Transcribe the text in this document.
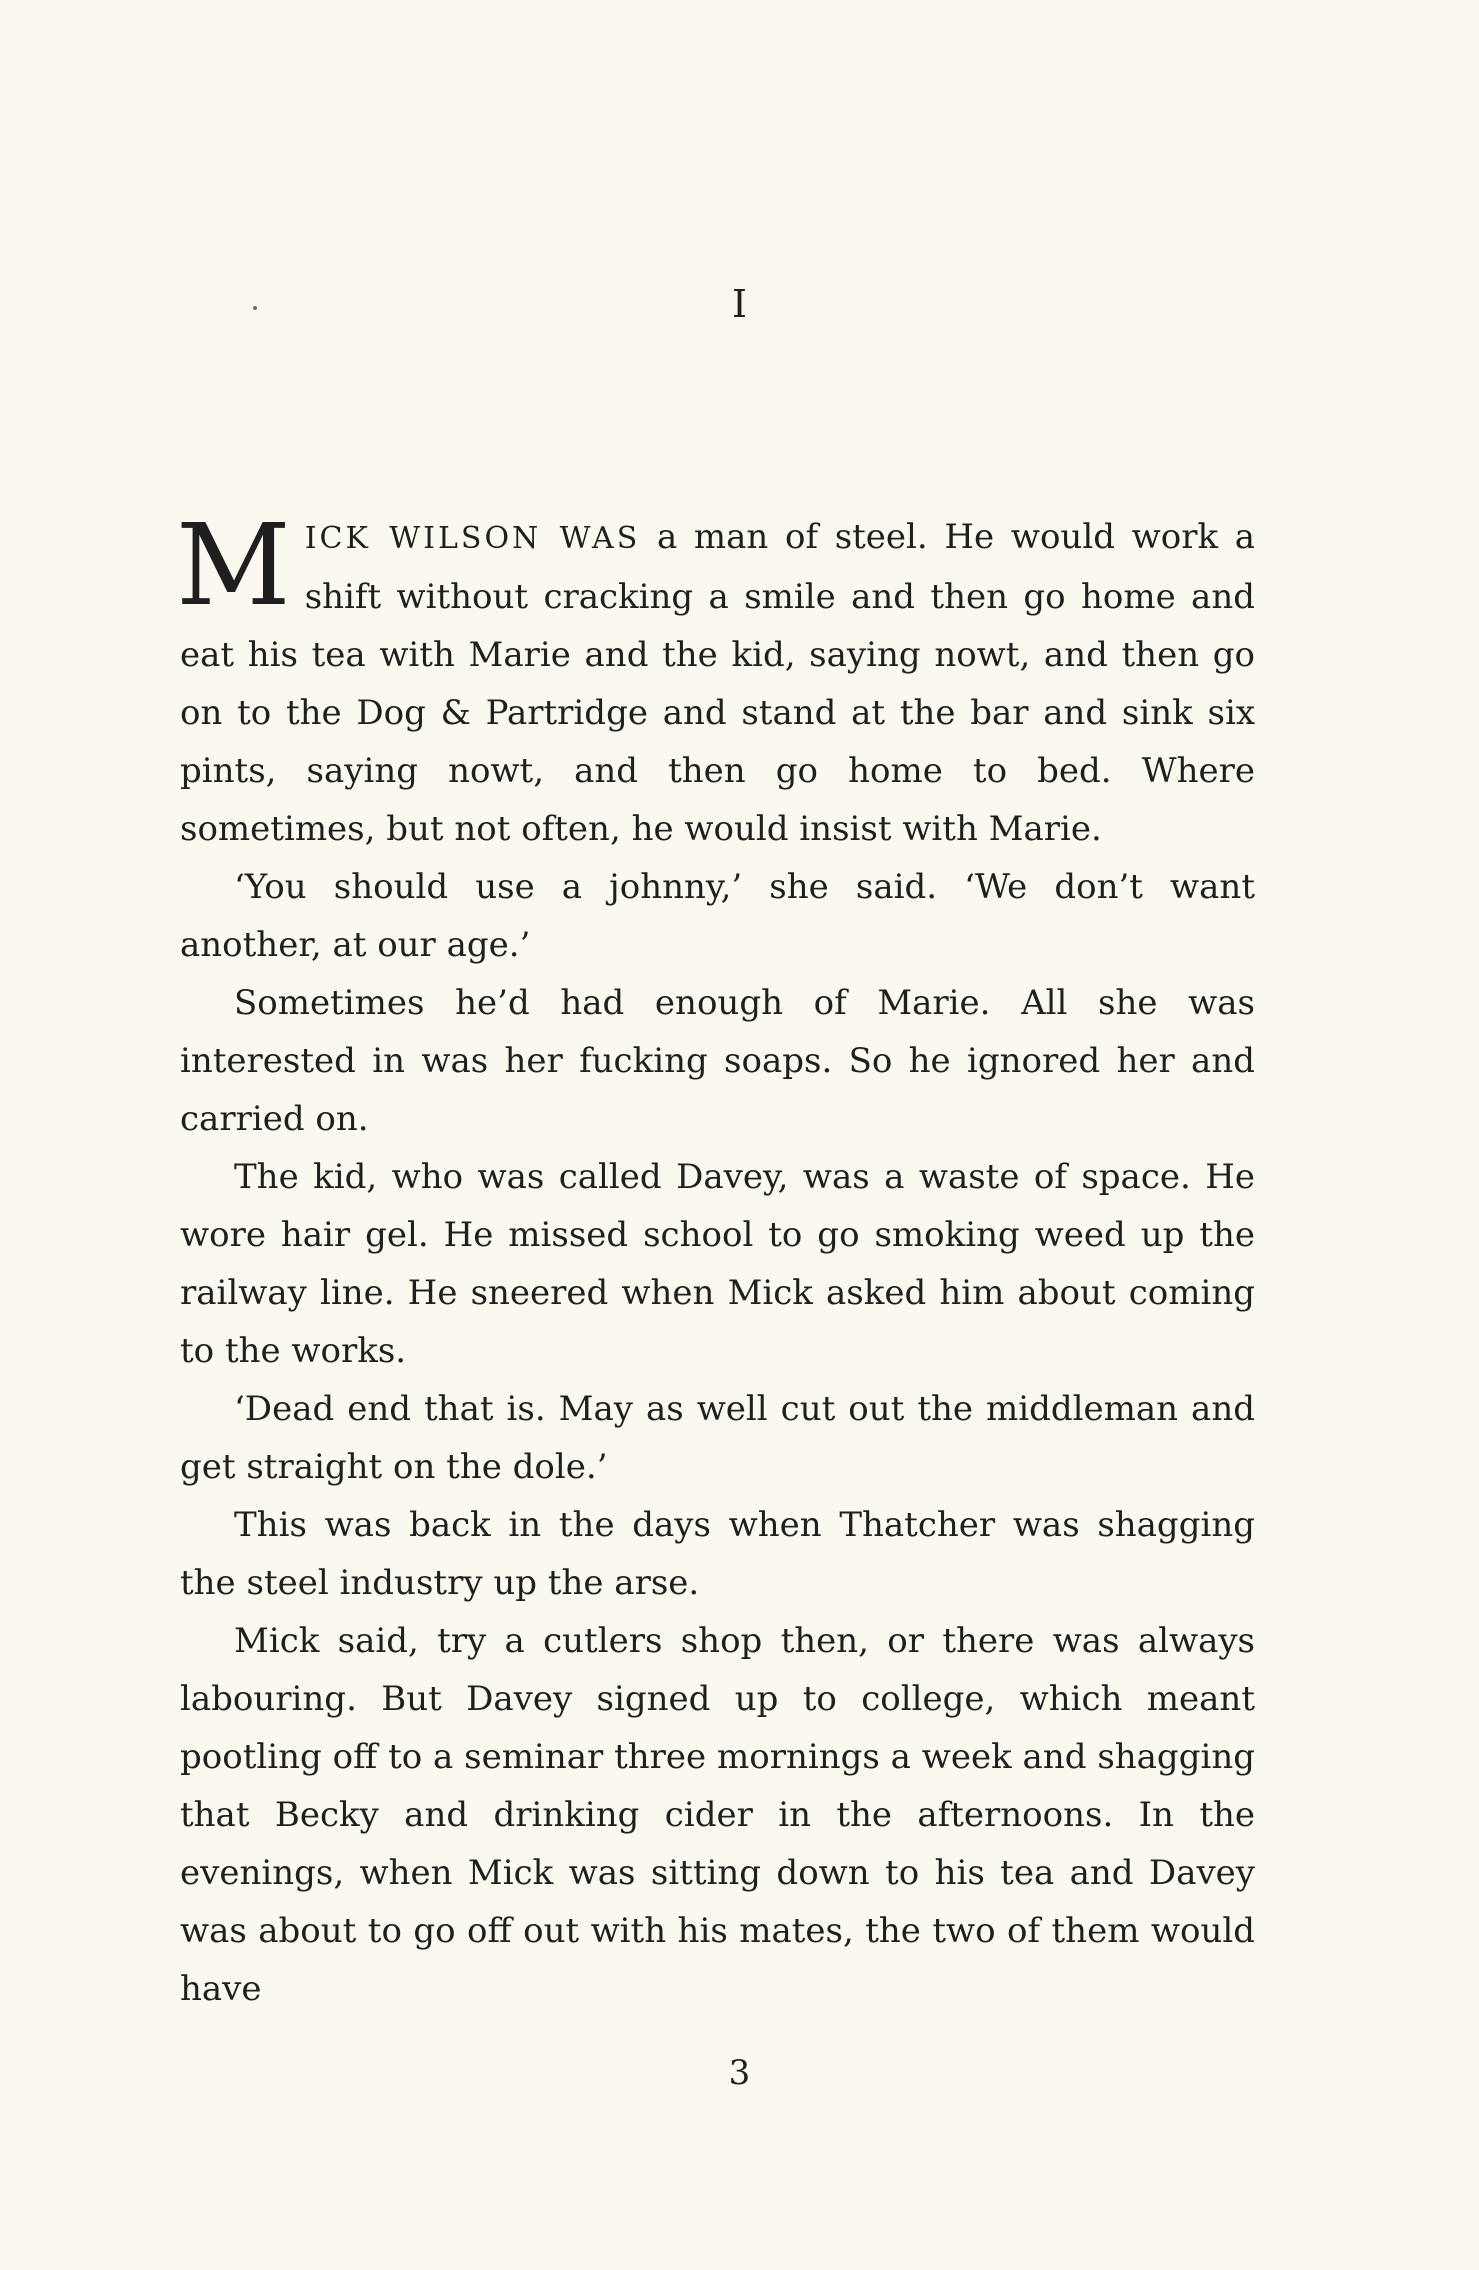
I

MICK WILSON WAS a man of steel. He would work a shift without cracking a smile and then go home and eat his tea with Marie and the kid, saying nowt, and then go on to the Dog & Partridge and stand at the bar and sink six pints, saying nowt, and then go home to bed. Where sometimes, but not often, he would insist with Marie.

‘You should use a johnny,’ she said. ‘We don’t want another, at our age.’

Sometimes he’d had enough of Marie. All she was interested in was her fucking soaps. So he ignored her and carried on.

The kid, who was called Davey, was a waste of space. He wore hair gel. He missed school to go smoking weed up the railway line. He sneered when Mick asked him about coming to the works.

‘Dead end that is. May as well cut out the middleman and get straight on the dole.’

This was back in the days when Thatcher was shagging the steel industry up the arse.

Mick said, try a cutlers shop then, or there was always labouring. But Davey signed up to college, which meant pootling off to a seminar three mornings a week and shagging that Becky and drinking cider in the afternoons. In the evenings, when Mick was sitting down to his tea and Davey was about to go off out with his mates, the two of them would have

3
